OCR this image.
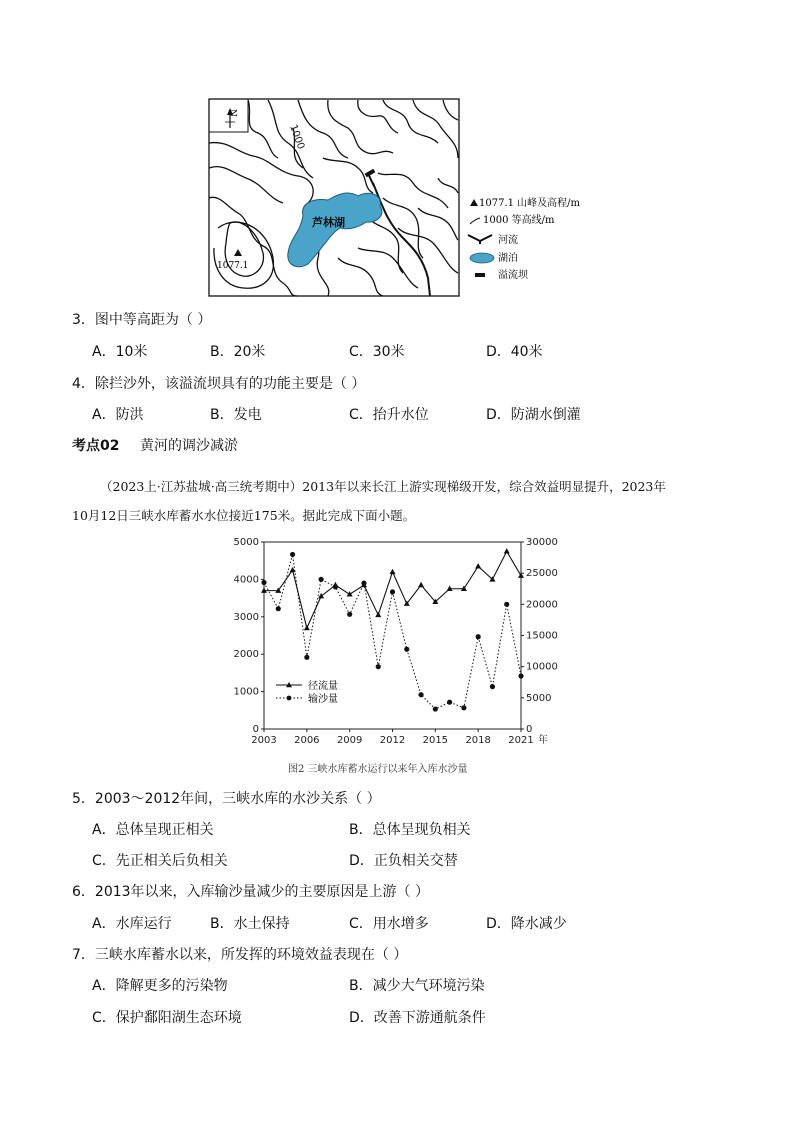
1000
芦林湖
1077.1
N
1077.1 山峰及高程/m
1000 等高线/m
河流
湖泊
溢流坝
3．图中等高距为（ ）
A．10米	B．20米	C．30米	D．40米
4．除拦沙外，该溢流坝具有的功能主要是（ ）
A．防洪	B．发电	C．抬升水位	D．防湖水倒灌
考点02 黄河的调沙减淤
（2023上·江苏盐城·高三统考期中）2013年以来长江上游实现梯级开发，综合效益明显提升，2023年
10月12日三峡水库蓄水水位接近175米。据此完成下面小题。
0
1000
2000
3000
4000
5000
0
5000
10000
15000
20000
25000
30000
2003 2006 2009 2012 2015 2018 2021 年
径流量
输沙量
图2 三峡水库蓄水运行以来年入库水沙量
5．2003～2012年间，三峡水库的水沙关系（ ）
A．总体呈现正相关	B．总体呈现负相关
C．先正相关后负相关	D．正负相关交替
6．2013年以来，入库输沙量减少的主要原因是上游（ ）
A．水库运行	B．水土保持	C．用水增多	D．降水减少
7．三峡水库蓄水以来，所发挥的环境效益表现在（ ）
A．降解更多的污染物	B．减少大气环境污染
C．保护鄱阳湖生态环境	D．改善下游通航条件
